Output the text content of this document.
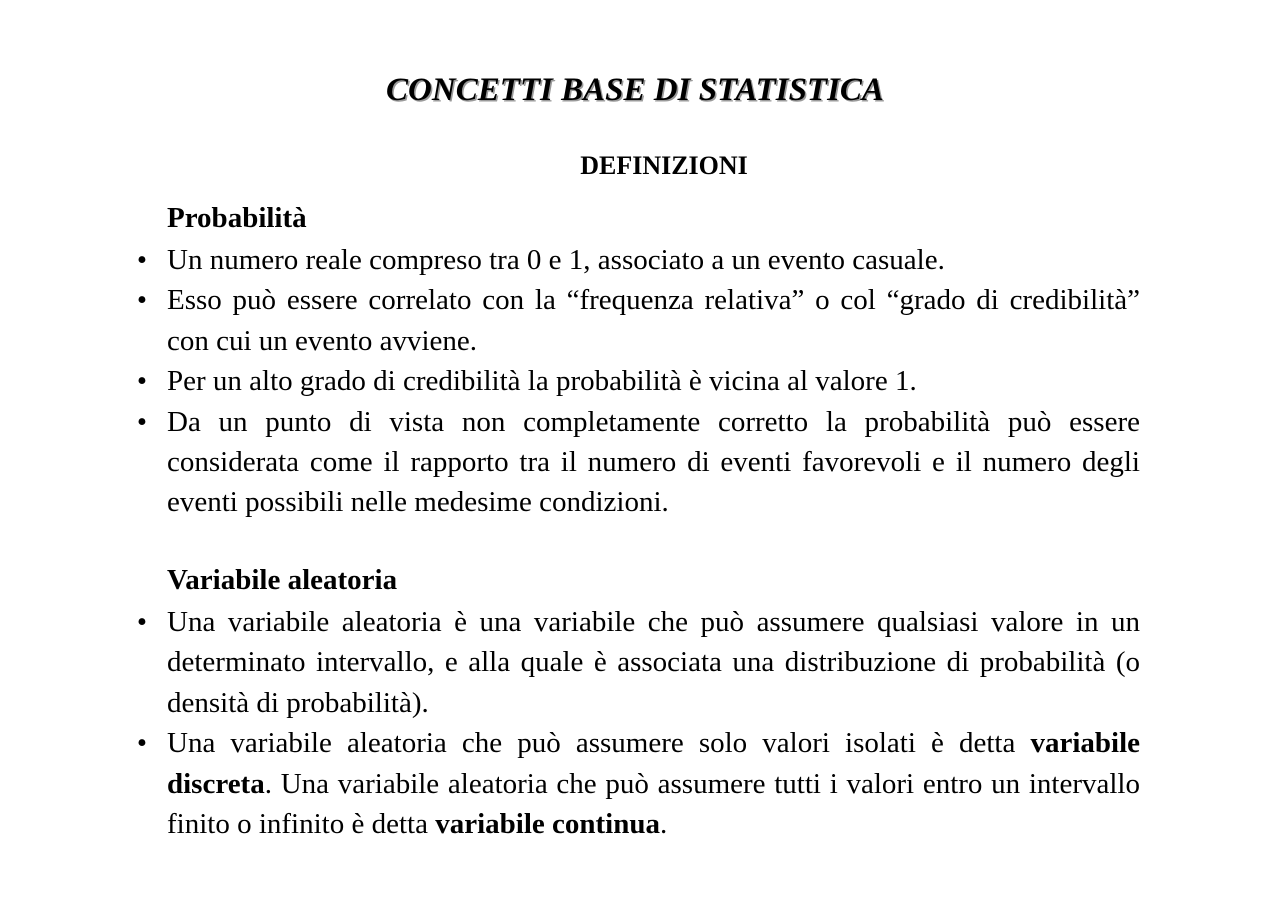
CONCETTI BASE DI STATISTICA
DEFINIZIONI
Probabilità
• Un numero reale compreso tra 0 e 1, associato a un evento casuale.
• Esso può essere correlato con la “frequenza relativa” o col “grado di credibilità” con cui un evento avviene.
• Per un alto grado di credibilità la probabilità è vicina al valore 1.
• Da un punto di vista non completamente corretto la probabilità può essere considerata come il rapporto tra il numero di eventi favorevoli e il numero degli eventi possibili nelle medesime condizioni.
Variabile aleatoria
• Una variabile aleatoria è una variabile che può assumere qualsiasi valore in un determinato intervallo, e alla quale è associata una distribuzione di probabilità (o densità di probabilità).
• Una variabile aleatoria che può assumere solo valori isolati è detta variabile discreta. Una variabile aleatoria che può assumere tutti i valori entro un intervallo finito o infinito è detta variabile continua.
